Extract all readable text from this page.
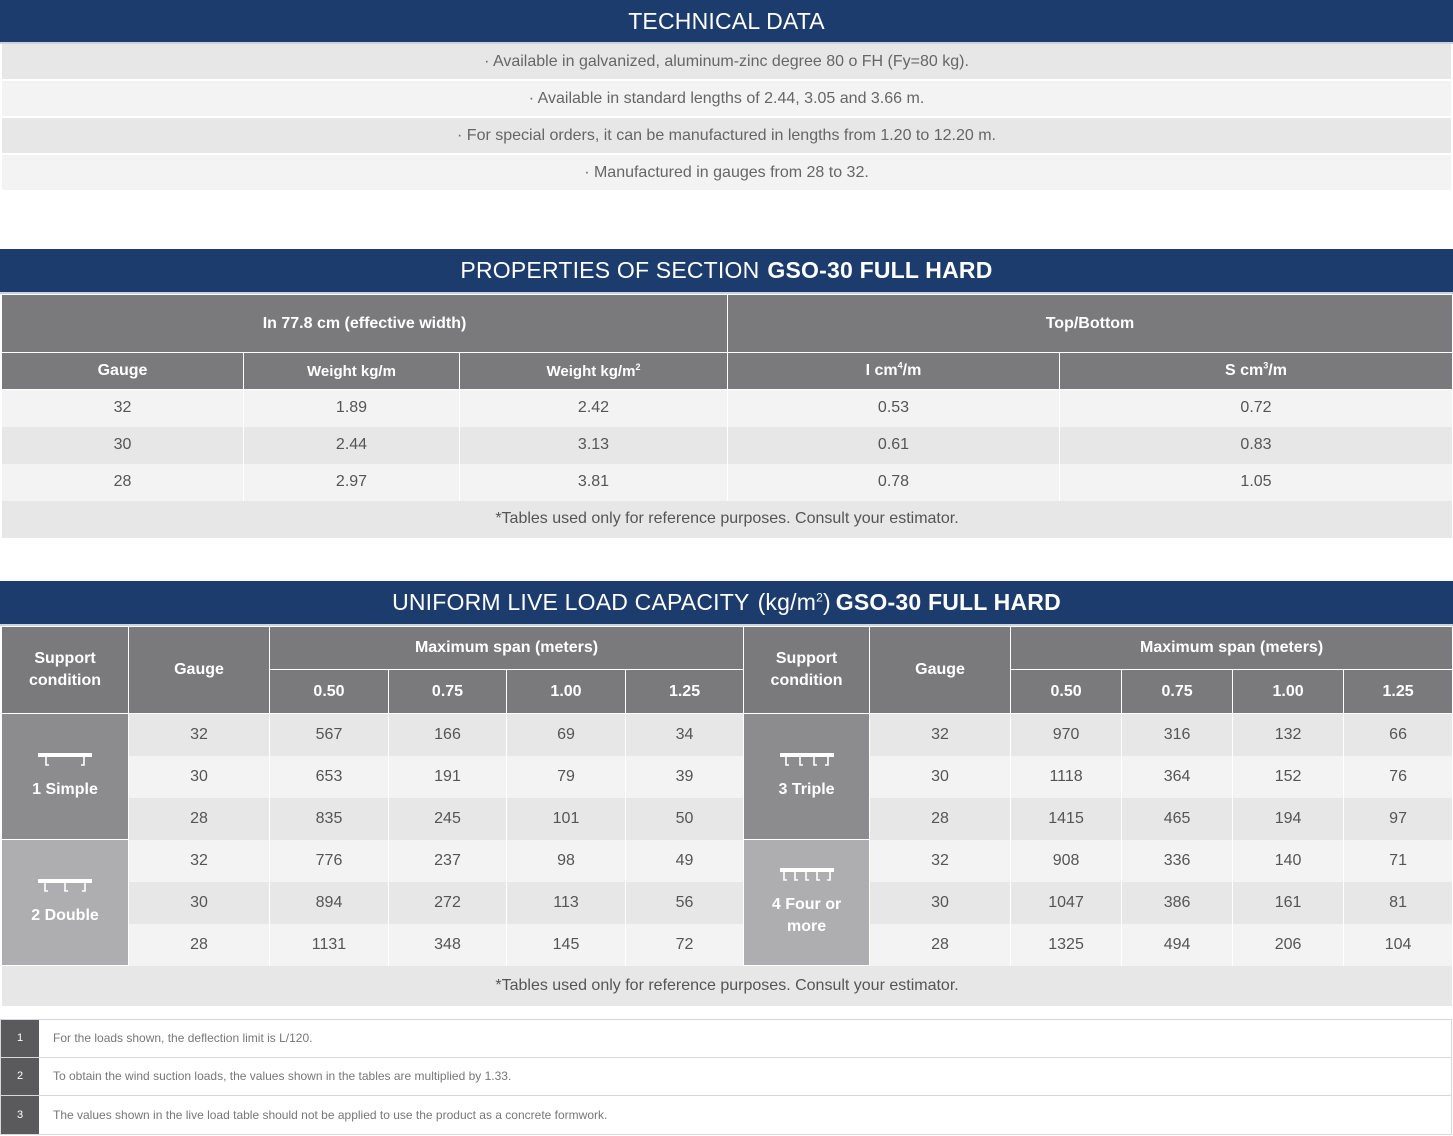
TECHNICAL DATA
· Available in galvanized, aluminum-zinc degree 80 o FH (Fy=80 kg).
· Available in standard lengths of 2.44, 3.05 and 3.66 m.
· For special orders, it can be manufactured in lengths from 1.20 to 12.20 m.
· Manufactured in gauges from 28 to 32.
PROPERTIES OF SECTION GSO-30 FULL HARD
In 77.8 cm (effective width)			Top/Bottom	
Gauge	Weight kg/m	Weight $kg/m^2$	I $cm^4/m$	S $cm^3/m$
32	1.89	2.42	0.53	0.72
30	2.44	3.13	0.61	0.83
28	2.97	3.81	0.78	1.05
*Tables used only for reference purposes. Consult your estimator.				
UNIFORM LIVE LOAD CAPACITY $(kg/m^2)$ GSO-30 FULL HARD
Support condition	Gauge	Maximum span (meters)				Support condition	Gauge	Maximum span (meters)			
		0.50	0.75	1.00	1.25			0.50	0.75	1.00	1.25

1 Simple	32	567	166	69	34	3 Triple	32	970	316	132	66
	30	653	191	79	39		30	1118	364	152	76
	28	835	245	101	50		28	1415	465	194	97

2 Double	32	776	237	98	49	4 Four or more	32	908	336	140	71
	30	894	272	113	56		30	1047	386	161	81
	28	1131	348	145	72		28	1325	494	206	104
*Tables used only for reference purposes. Consult your estimator.											
1	For the loads shown, the deflection limit is L/120.
2	To obtain the wind suction loads, the values shown in the tables are multiplied by 1.33.
3	The values shown in the live load table should not be applied to use the product as a concrete formwork.
